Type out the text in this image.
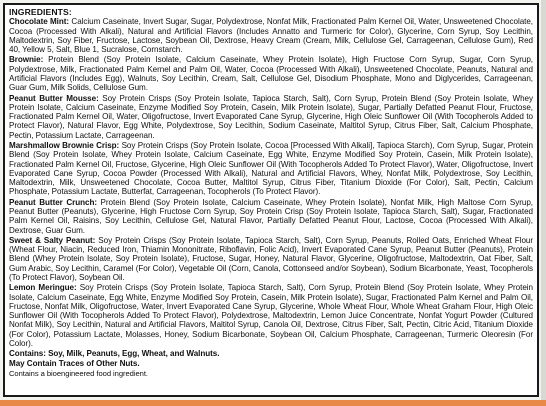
INGREDIENTS:
Chocolate Mint: Calcium Caseinate, Invert Sugar, Sugar, Polydextrose, Nonfat Milk, Fractionated Palm Kernel Oil, Water, Unsweetened Chocolate, Cocoa (Processed With Alkali), Natural and Artificial Flavors (Includes Annatto and Turmeric for Color), Glycerine, Corn Syrup, Soy Lecithin, Maltodextrin, Soy Fiber, Fructose, Lactose, Soybean Oil, Dextrose, Heavy Cream (Cream, Milk, Cellulose Gel, Carrageenan, Cellulose Gum), Red 40, Yellow 5, Salt, Blue 1, Sucralose, Cornstarch.
Brownie: Protein Blend (Soy Protein Isolate, Calcium Caseinate, Whey Protein Isolate), High Fructose Corn Syrup, Sugar, Corn Syrup, Polydextrose, Milk, Fractionated Palm Kernel and Palm Oil, Water, Cocoa (Processed With Alkali), Unsweetened Chocolate, Peanuts, Natural and Artificial Flavors (Includes Egg), Walnuts, Soy Lecithin, Cream, Salt, Cellulose Gel, Disodium Phosphate, Mono and Diglycerides, Carrageenan, Guar Gum, Milk Solids, Cellulose Gum.
Peanut Butter Mousse: Soy Protein Crisps (Soy Protein Isolate, Tapioca Starch, Salt), Corn Syrup, Protein Blend (Soy Protein Isolate, Whey Protein Isolate, Calcium Caseinate, Enzyme Modified Soy Protein, Casein, Milk Protein Isolate), Sugar, Partially Defatted Peanut Flour, Fructose, Fractionated Palm Kernel Oil, Water, Oligofructose, Invert Evaporated Cane Syrup, Glycerine, High Oleic Sunflower Oil (With Tocopherols Added to Protect Flavor), Natural Flavor, Egg White, Polydextrose, Soy Lecithin, Sodium Caseinate, Maltitol Syrup, Citrus Fiber, Salt, Calcium Phosphate, Pectin, Potassium Lactate, Carrageenan.
Marshmallow Brownie Crisp: Soy Protein Crisps (Soy Protein Isolate, Cocoa [Processed With Alkali], Tapioca Starch), Corn Syrup, Sugar, Protein Blend (Soy Protein Isolate, Whey Protein Isolate, Calcium Caseinate, Egg White, Enzyme Modified Soy Protein, Casein, Milk Protein Isolate), Fractionated Palm Kernel Oil, Fructose, Glycerine, High Oleic Sunflower Oil (With Tocopherols Added To Protect Flavor), Water, Oligofructose, Invert Evaporated Cane Syrup, Cocoa Powder (Processed With Alkali), Natural and Artificial Flavors, Whey, Nonfat Milk, Polydextrose, Soy Lecithin, Maltodextrin, Milk, Unsweetened Chocolate, Cocoa Butter, Maltitol Syrup, Citrus Fiber, Titanium Dioxide (For Color), Salt, Pectin, Calcium Phosphate, Potassium Lactate, Butterfat, Carrageenan, Tocopherols (To Protect Flavor).
Peanut Butter Crunch: Protein Blend (Soy Protein Isolate, Calcium Caseinate, Whey Protein Isolate), Nonfat Milk, High Maltose Corn Syrup, Peanut Butter (Peanuts), Glycerine, High Fructose Corn Syrup, Soy Protein Crisp (Soy Protein Isolate, Tapioca Starch, Salt), Sugar, Fractionated Palm Kernel Oil, Raisins, Soy Lecithin, Cellulose Gel, Natural Flavor, Partially Defatted Peanut Flour, Lactose, Cocoa (Processed With Alkali), Dextrose, Guar Gum.
Sweet & Salty Peanut: Soy Protein Crisps (Soy Protein Isolate, Tapioca Starch, Salt), Corn Syrup, Peanuts, Rolled Oats, Enriched Wheat Flour (Wheat Flour, Niacin, Reduced Iron, Thiamin Mononitrate, Riboflavin, Folic Acid), Invert Evaporated Cane Syrup, Peanut Butter (Peanuts), Protein Blend (Whey Protein Isolate, Soy Protein Isolate), Fructose, Sugar, Honey, Natural Flavor, Glycerine, Oligofructose, Maltodextrin, Oat Fiber, Salt, Gum Arabic, Soy Lecithin, Caramel (For Color), Vegetable Oil (Corn, Canola, Cottonseed and/or Soybean), Sodium Bicarbonate, Yeast, Tocopherols (To Protect Flavor), Soybean Oil.
Lemon Meringue: Soy Protein Crisps (Soy Protein Isolate, Tapioca Starch, Salt), Corn Syrup, Protein Blend (Soy Protein Isolate, Whey Protein Isolate, Calcium Caseinate, Egg White, Enzyme Modified Soy Protein, Casein, Milk Protein Isolate), Sugar, Fractionated Palm Kernel and Palm Oil, Fructose, Nonfat Milk, Oligofructose, Water, Invert Evaporated Cane Syrup, Glycerine, Whole Wheat Flour, Whole Wheat Graham Flour, High Oleic Sunflower Oil (With Tocopherols Added To Protect Flavor), Polydextrose, Maltodextrin, Lemon Juice Concentrate, Nonfat Yogurt Powder (Cultured Nonfat Milk), Soy Lecithin, Natural and Artificial Flavors, Maltitol Syrup, Canola Oil, Dextrose, Citrus Fiber, Salt, Pectin, Citric Acid, Titanium Dioxide (For Color), Potassium Lactate, Molasses, Honey, Sodium Bicarbonate, Soybean Oil, Calcium Phosphate, Carrageenan, Turmeric Oleoresin (For Color).
Contains: Soy, Milk, Peanuts, Egg, Wheat, and Walnuts.
May Contain Traces of Other Nuts.
Contains a bioengineered food ingredient.
